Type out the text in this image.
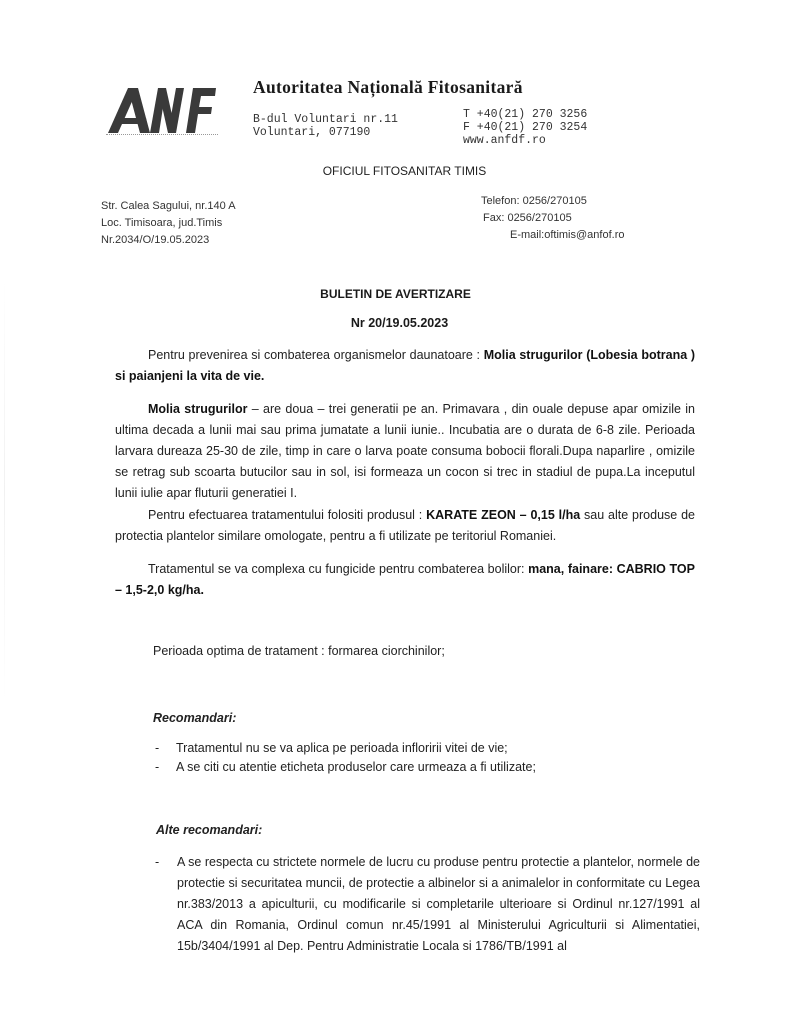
Autoritatea Națională Fitosanitară
B-dul Voluntari nr.11
Voluntari, 077190
T +40(21) 270 3256
F +40(21) 270 3254
www.anfdf.ro
OFICIUL FITOSANITAR TIMIS
Str. Calea Sagului, nr.140 A
Loc. Timisoara, jud.Timis
Nr.2034/O/19.05.2023
Telefon: 0256/270105
Fax: 0256/270105
E-mail:oftimis@anfof.ro
BULETIN DE AVERTIZARE
Nr 20/19.05.2023
Pentru prevenirea si combaterea organismelor daunatoare : Molia strugurilor (Lobesia botrana ) si paianjeni la vita de vie.
Molia strugurilor – are doua – trei generatii pe an. Primavara , din ouale depuse apar omizile in ultima decada a lunii mai sau prima jumatate a lunii iunie.. Incubatia are o durata de 6-8 zile. Perioada larvara dureaza 25-30 de zile, timp in care o larva poate consuma bobocii florali.Dupa naparlire , omizile se retrag sub scoarta butucilor sau in sol, isi formeaza un cocon si trec in stadiul de pupa.La inceputul lunii iulie apar fluturii generatiei I.
Pentru efectuarea tratamentului folositi produsul : KARATE ZEON – 0,15 l/ha sau alte produse de protectia plantelor similare omologate, pentru a fi utilizate pe teritoriul Romaniei.
Tratamentul se va complexa cu fungicide pentru combaterea bolilor: mana, fainare: CABRIO TOP – 1,5-2,0 kg/ha.
Perioada optima de tratament : formarea ciorchinilor;
Recomandari:
- Tratamentul nu se va aplica pe perioada infloririi vitei de vie;
- A se citi cu atentie eticheta produselor care urmeaza a fi utilizate;
Alte recomandari:
-	A se respecta cu strictete normele de lucru cu produse pentru protectie a plantelor, normele de protectie si securitatea muncii, de protectie a albinelor si a animalelor in conformitate cu Legea nr.383/2013 a apiculturii, cu modificarile si completarile ulterioare si Ordinul nr.127/1991 al ACA din Romania, Ordinul comun nr.45/1991 al Ministerului Agriculturii si Alimentatiei, 15b/3404/1991 al Dep. Pentru Administratie Locala si 1786/TB/1991 al
